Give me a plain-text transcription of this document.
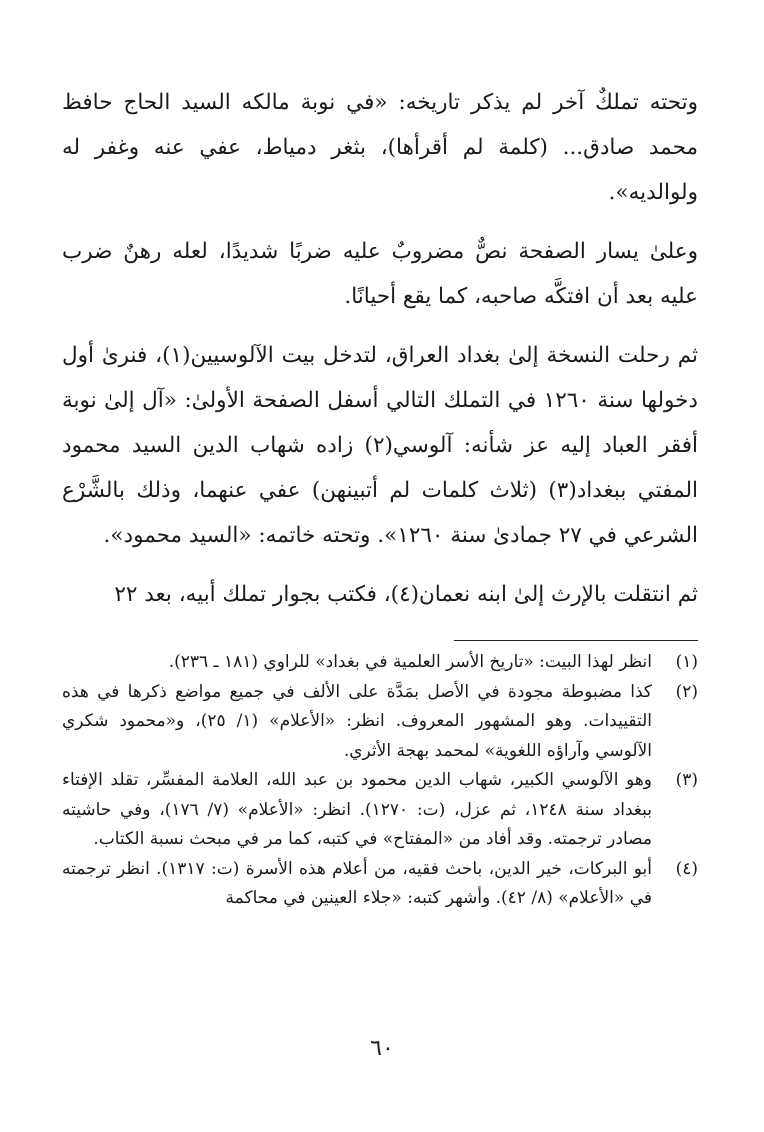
وتحته تملكٌ آخر لم يذكر تاريخه: «في نوبة مالكه السيد الحاج حافظ محمد صادق... (كلمة لم أقرأها)، بثغر دمياط، عفي عنه وغفر له ولوالديه».

وعلىٰ يسار الصفحة نصٌّ مضروبٌ عليه ضربًا شديدًا، لعله رهنٌ ضرب عليه بعد أن افتكَّه صاحبه، كما يقع أحيانًا.

ثم رحلت النسخة إلىٰ بغداد العراق، لتدخل بيت الآلوسيين(١)، فنرىٰ أول دخولها سنة ١٢٦٠ في التملك التالي أسفل الصفحة الأولىٰ: «آل إلىٰ نوبة أفقر العباد إليه عز شأنه: آلوسي(٢) زاده شهاب الدين السيد محمود المفتي ببغداد(٣) (ثلاث كلمات لم أتبينهن) عفي عنهما، وذلك بالشَّرْع الشرعي في ٢٧ جمادىٰ سنة ١٢٦٠». وتحته خاتمه: «السيد محمود».

ثم انتقلت بالإرث إلىٰ ابنه نعمان(٤)، فكتب بجوار تملك أبيه، بعد ٢٢

(١)
انظر لهذا البيت: «تاريخ الأسر العلمية في بغداد» للراوي (١٨١ ـ ٢٣٦).
(٢)
كذا مضبوطة مجودة في الأصل بمَدَّة على الألف في جميع مواضع ذكرها في هذه التقييدات. وهو المشهور المعروف. انظر: «الأعلام» (١/ ٢٥)، و«محمود شكري الآلوسي وآراؤه اللغوية» لمحمد بهجة الأثري.
(٣)
وهو الآلوسي الكبير، شهاب الدين محمود بن عبد الله، العلامة المفسِّر، تقلد الإفتاء ببغداد سنة ١٢٤٨، ثم عزل، (ت: ١٢٧٠). انظر: «الأعلام» (٧/ ١٧٦)، وفي حاشيته مصادر ترجمته. وقد أفاد من «المفتاح» في كتبه، كما مر في مبحث نسبة الكتاب.
(٤)
أبو البركات، خير الدين، باحث فقيه، من أعلام هذه الأسرة (ت: ١٣١٧). انظر ترجمته في «الأعلام» (٨/ ٤٢). وأشهر كتبه: «جلاء العينين في محاكمة
٦٠
